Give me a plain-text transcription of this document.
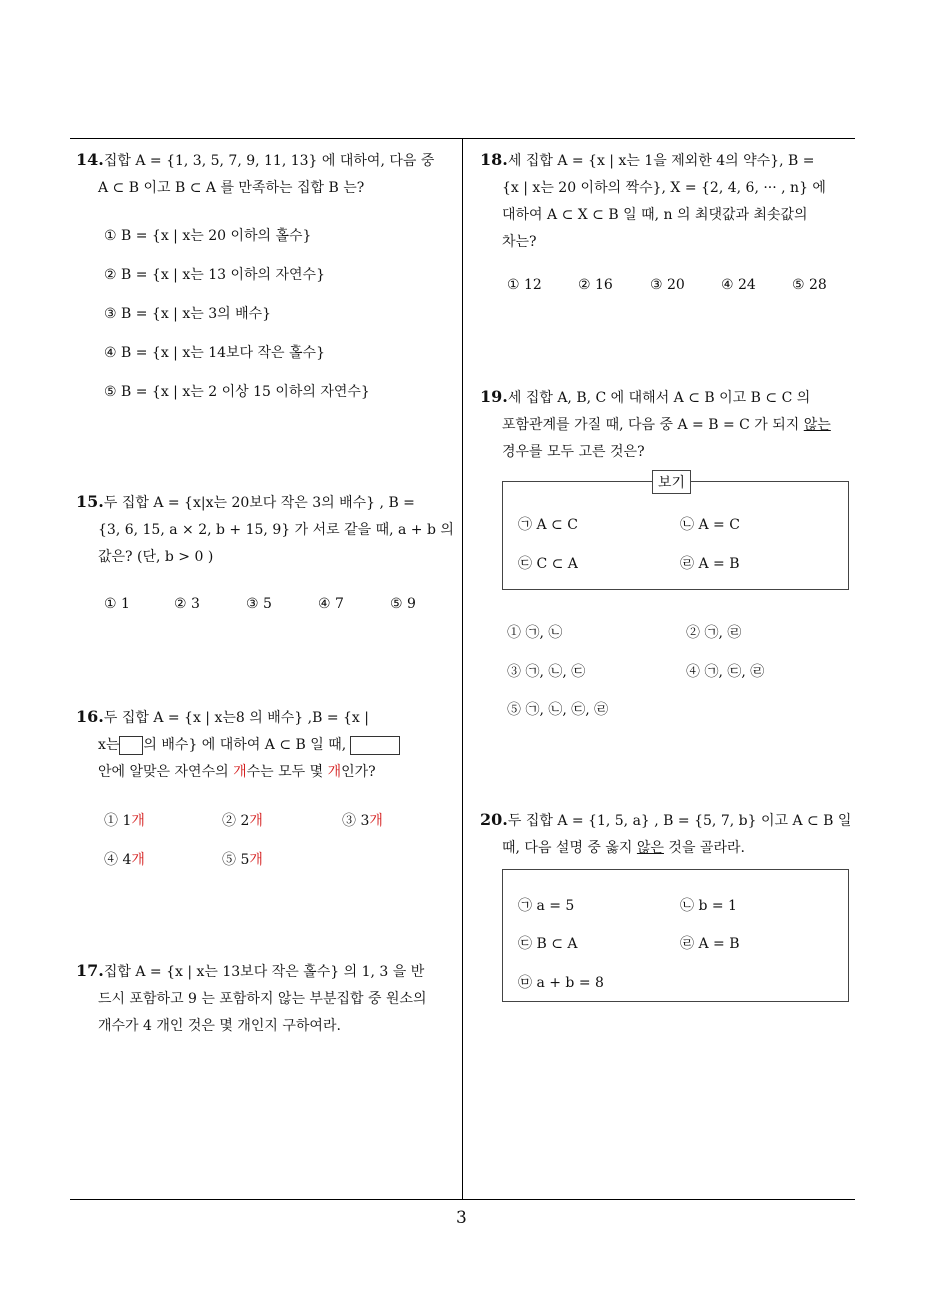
14.집합 A = {1, 3, 5, 7, 9, 11, 13} 에 대하여, 다음 중
A ⊂ B 이고 B ⊂ A 를 만족하는 집합 B 는?
① B = {x | x는 20 이하의 홀수}
② B = {x | x는 13 이하의 자연수}
③ B = {x | x는 3의 배수}
④ B = {x | x는 14보다 작은 홀수}
⑤ B = {x | x는 2 이상 15 이하의 자연수}
15.두 집합 A = {x|x는 20보다 작은 3의 배수} , B =
{3, 6, 15, a × 2, b + 15, 9} 가 서로 같을 때, a + b 의
값은? (단, b > 0 )
① 1	② 3	③ 5	④ 7	⑤ 9
16.두 집합 A = {x | x는8 의 배수} ,B = {x |
x는 의 배수} 에 대하여 A ⊂ B 일 때,
안에 알맞은 자연수의 개수는 모두 몇 개인가?
① 1개	② 2개	③ 3개
④ 4개	⑤ 5개
17.집합 A = {x | x는 13보다 작은 홀수} 의 1, 3 을 반
드시 포함하고 9 는 포함하지 않는 부분집합 중 원소의
개수가 4 개인 것은 몇 개인지 구하여라.
18.세 집합 A = {x | x는 1을 제외한 4의 약수}, B =
{x | x는 20 이하의 짝수}, X = {2, 4, 6, ··· , n} 에
대하여 A ⊂ X ⊂ B 일 때, n 의 최댓값과 최솟값의
차는?
① 12	② 16	③ 20	④ 24	⑤ 28
19.세 집합 A, B, C 에 대해서 A ⊂ B 이고 B ⊂ C 의
포함관계를 가질 때, 다음 중 A = B = C 가 되지 않는
경우를 모두 고른 것은?
보기
㉠ A ⊂ C	㉡ A = C
㉢ C ⊂ A	㉣ A = B
① ㉠, ㉡	② ㉠, ㉣
③ ㉠, ㉡, ㉢	④ ㉠, ㉢, ㉣
⑤ ㉠, ㉡, ㉢, ㉣
20.두 집합 A = {1, 5, a} , B = {5, 7, b} 이고 A ⊂ B 일
때, 다음 설명 중 옳지 않은 것을 골라라.
㉠ a = 5	㉡ b = 1
㉢ B ⊂ A	㉣ A = B
㉤ a + b = 8
3
